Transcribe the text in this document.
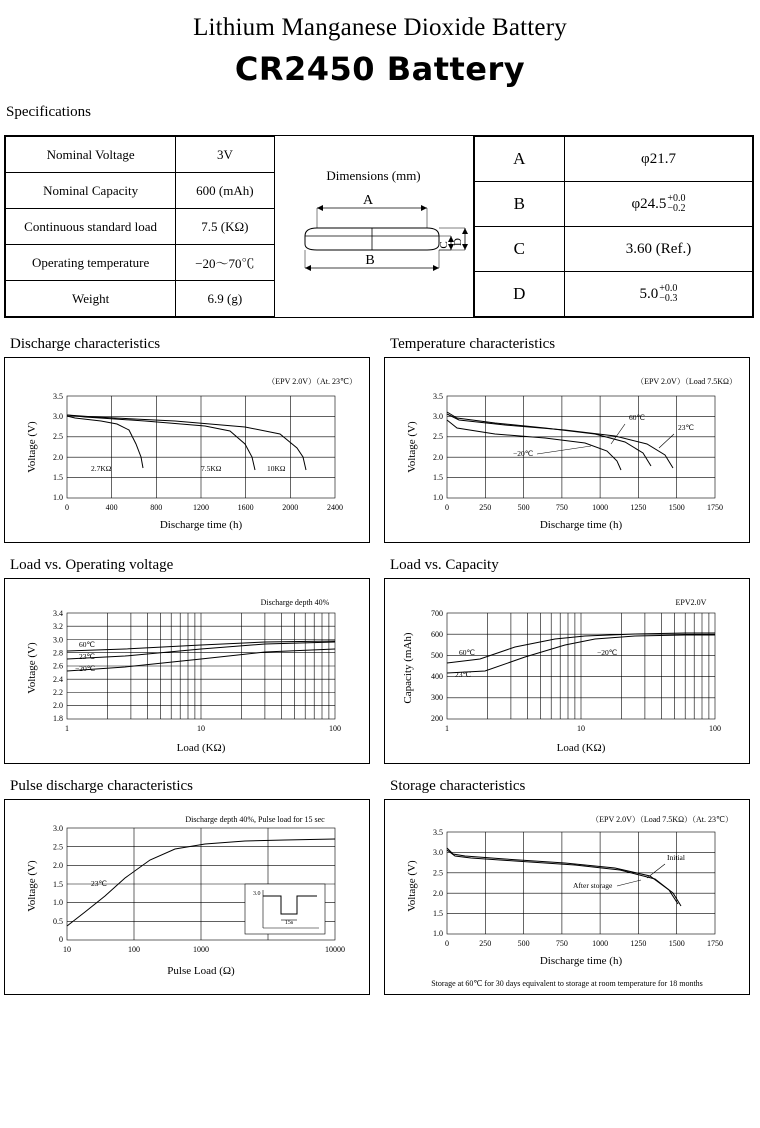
Lithium Manganese Dioxide Battery
CR2450 Battery
Specifications
Nominal Voltage	3V
Nominal Capacity	600 (mAh)
Continuous standard load	7.5 (KΩ)
Operating temperature	−20～70℃
Weight	6.9 (g)
Dimensions (mm)
A
B
C D
A	φ21.7
B	φ24.5 +0.0
−0.2

C	3.60 (Ref.)
D	5.0 +0.0
−0.3
Discharge characteristics
（EPV 2.0V）（At. 23℃）
2.7KΩ	7.5KΩ	10KΩ
1.0
1.5
2.0
2.5
3.0
3.5
0	400	800	1200	1600	2000	2400
Discharge time (h)
Voltage (V)
Temperature characteristics
（EPV 2.0V）（Load 7.5KΩ）
60℃
23℃
−20℃
1.0
1.5
2.0
2.5
3.0
3.5
0	250	500	750	1000	1250	1500	1750
Discharge time (h)
Voltage (V)
Load vs. Operating voltage
Discharge depth 40%
60℃
23℃
−20℃
1.8
2.0
2.2
2.4
2.6
2.8
3.0
3.2
3.4
1	10	100
Load (KΩ)
Voltage (V)
Load vs. Capacity
EPV2.0V
60℃
23℃
−20℃
200
300
400
500
600
700
1	10	100
Load (KΩ)
Capacity (mAh)
Pulse discharge characteristics
Discharge depth 40%, Pulse load for 15 sec
23℃
3.0
15s
0
0.5
1.0
1.5
2.0
2.5
3.0
10	100	1000	10000
Pulse Load (Ω)
Voltage (V)
Storage characteristics
（EPV 2.0V）（Load 7.5KΩ）（At. 23℃）
Initial
After storage
1.0
1.5
2.0
2.5
3.0
3.5
0	250	500	750	1000	1250	1500	1750
Discharge time (h)
Voltage (V)
Storage at 60℃ for 30 days equivalent to storage at room temperature for 18 months
